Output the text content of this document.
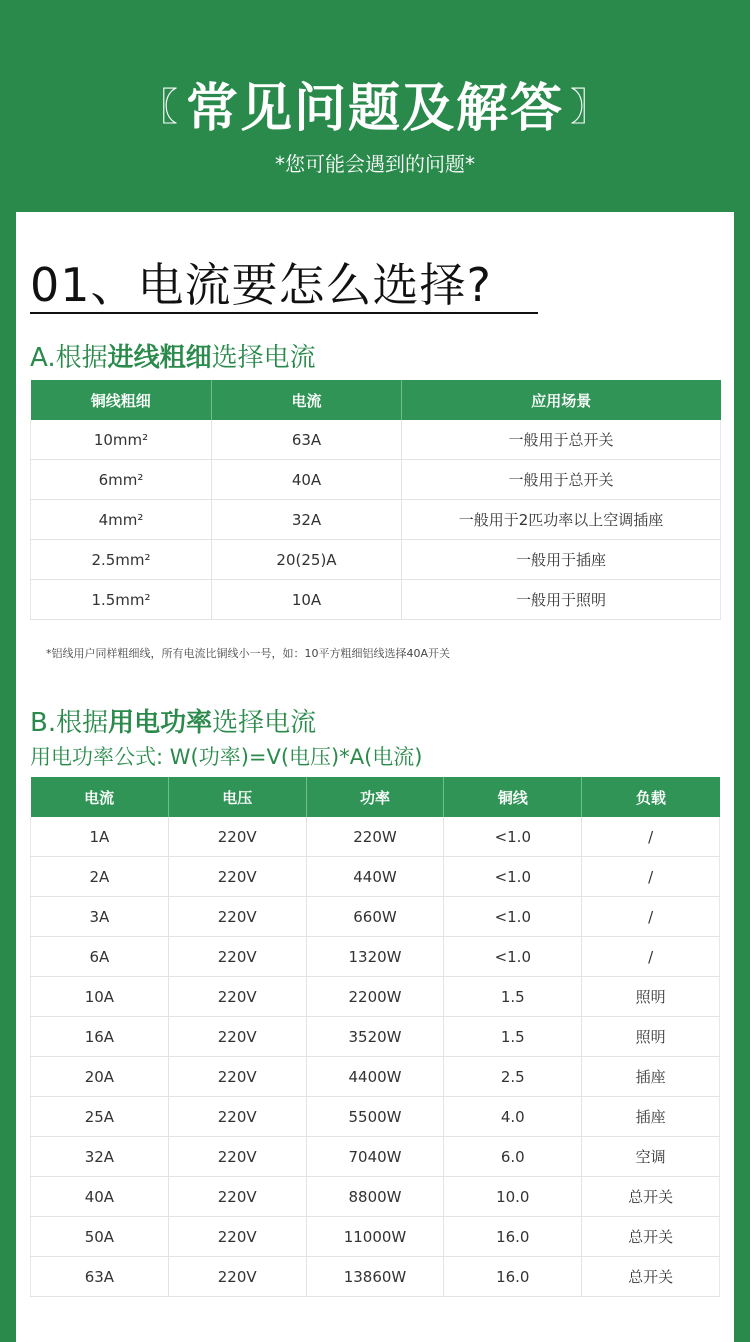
〖 常见问题及解答 〗
*您可能会遇到的问题*
01、电流要怎么选择?
A.根据进线粗细选择电流
铜线粗细	电流	应用场景
10mm²	63A	一般用于总开关
6mm²	40A	一般用于总开关
4mm²	32A	一般用于2匹功率以上空调插座
2.5mm²	20(25)A	一般用于插座
1.5mm²	10A	一般用于照明
*铝线用户同样粗细线，所有电流比铜线小一号，如：10平方粗细铝线选择40A开关
B.根据用电功率选择电流
用电功率公式: W(功率)=V(电压)*A(电流)
电流	电压	功率	铜线	负载
1A	220V	220W	<1.0	/
2A	220V	440W	<1.0	/
3A	220V	660W	<1.0	/
6A	220V	1320W	<1.0	/
10A	220V	2200W	1.5	照明
16A	220V	3520W	1.5	照明
20A	220V	4400W	2.5	插座
25A	220V	5500W	4.0	插座
32A	220V	7040W	6.0	空调
40A	220V	8800W	10.0	总开关
50A	220V	11000W	16.0	总开关
63A	220V	13860W	16.0	总开关
